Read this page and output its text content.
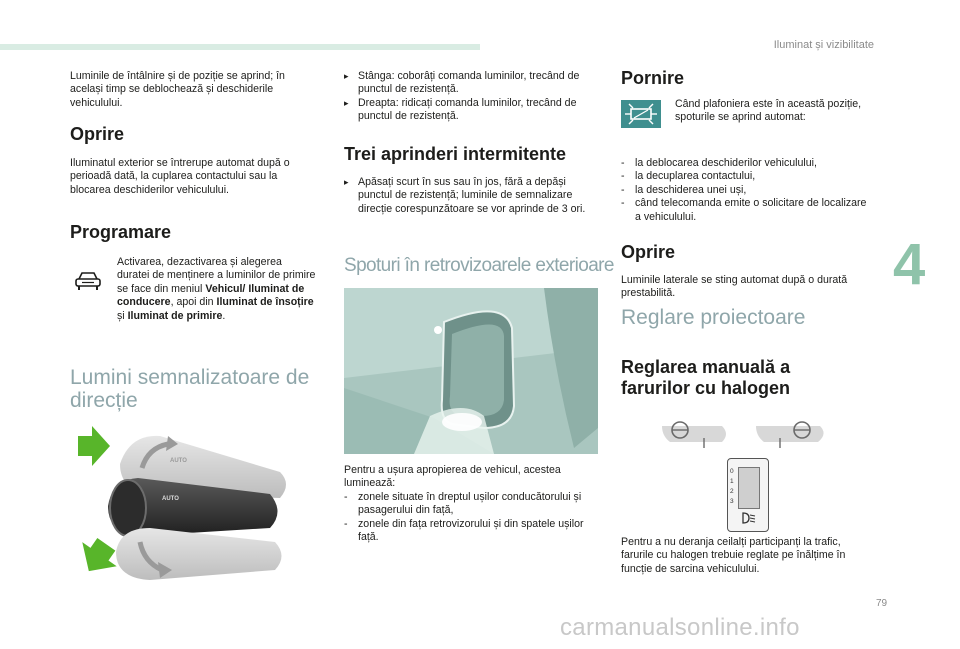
Iluminat și vizibilitate
Luminile de întâlnire și de poziție se aprind; în același timp se deblochează și deschiderile vehiculului.
Oprire
Iluminatul exterior se întrerupe automat după o perioadă dată, la cuplarea contactului sau la blocarea deschiderilor vehiculului.
Programare
Activarea, dezactivarea și alegerea duratei de menținere a luminilor de primire se face din meniul Vehicul/ Iluminat de conducere, apoi din Iluminat de însoțire și Iluminat de primire.
Lumini semnalizatoare de direcție
AUTO
AUTO
▸ Stânga: coborâți comanda luminilor, trecând de punctul de rezistență.
▸ Dreapta: ridicați comanda luminilor, trecând de punctul de rezistență.
Trei aprinderi intermitente
▸ Apăsați scurt în sus sau în jos, fără a depăși punctul de rezistență; luminile de semnalizare direcție corespunzătoare se vor aprinde de 3 ori.
Spoturi în retrovizoarele exterioare
Pentru a ușura apropierea de vehicul, acestea luminează:
- zonele situate în dreptul ușilor conducătorului și pasagerului din față,
- zonele din fața retrovizorului și din spatele ușilor față.
Pornire
Când plafoniera este în această poziție, spoturile se aprind automat:
- la deblocarea deschiderilor vehiculului,
- la decuplarea contactului,
- la deschiderea unei uși,
- când telecomanda emite o solicitare de localizare a vehiculului.
Oprire
Luminile laterale se sting automat după o durată prestabilită.
Reglare proiectoare
Reglarea manuală a farurilor cu halogen
0
1
2
3
Pentru a nu deranja ceilalți participanți la trafic, farurile cu halogen trebuie reglate pe înălțime în funcție de sarcina vehiculului.
4
79
carmanualsonline.info
